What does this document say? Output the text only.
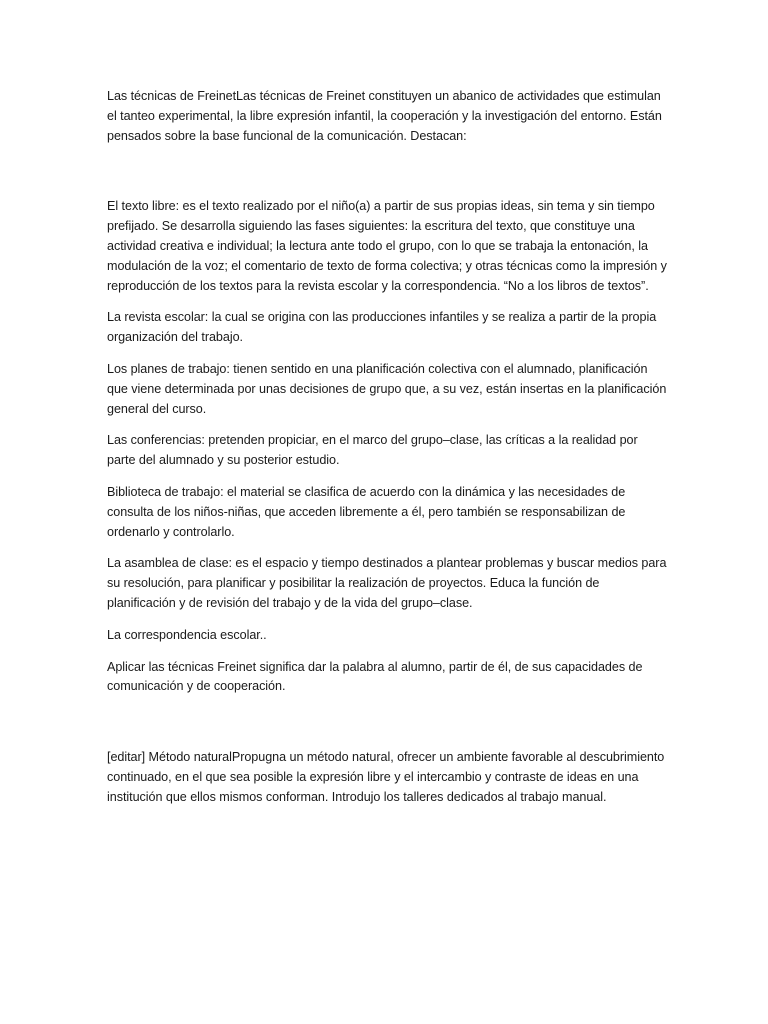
Las técnicas de FreinetLas técnicas de Freinet constituyen un abanico de actividades que estimulan el tanteo experimental, la libre expresión infantil, la cooperación y la investigación del entorno. Están pensados sobre la base funcional de la comunicación. Destacan:

El texto libre: es el texto realizado por el niño(a) a partir de sus propias ideas, sin tema y sin tiempo prefijado. Se desarrolla siguiendo las fases siguientes: la escritura del texto, que constituye una actividad creativa e individual; la lectura ante todo el grupo, con lo que se trabaja la entonación, la modulación de la voz; el comentario de texto de forma colectiva; y otras técnicas como la impresión y reproducción de los textos para la revista escolar y la correspondencia. “No a los libros de textos”.

La revista escolar: la cual se origina con las producciones infantiles y se realiza a partir de la propia organización del trabajo.

Los planes de trabajo: tienen sentido en una planificación colectiva con el alumnado, planificación que viene determinada por unas decisiones de grupo que, a su vez, están insertas en la planificación general del curso.

Las conferencias: pretenden propiciar, en el marco del grupo–clase, las críticas a la realidad por parte del alumnado y su posterior estudio.

Biblioteca de trabajo: el material se clasifica de acuerdo con la dinámica y las necesidades de consulta de los niños-niñas, que acceden libremente a él, pero también se responsabilizan de ordenarlo y controlarlo.

La asamblea de clase: es el espacio y tiempo destinados a plantear problemas y buscar medios para su resolución, para planificar y posibilitar la realización de proyectos. Educa la función de planificación y de revisión del trabajo y de la vida del grupo–clase.

La correspondencia escolar..

Aplicar las técnicas Freinet significa dar la palabra al alumno, partir de él, de sus capacidades de comunicación y de cooperación.

[editar] Método naturalPropugna un método natural, ofrecer un ambiente favorable al descubrimiento continuado, en el que sea posible la expresión libre y el intercambio y contraste de ideas en una institución que ellos mismos conforman. Introdujo los talleres dedicados al trabajo manual.
